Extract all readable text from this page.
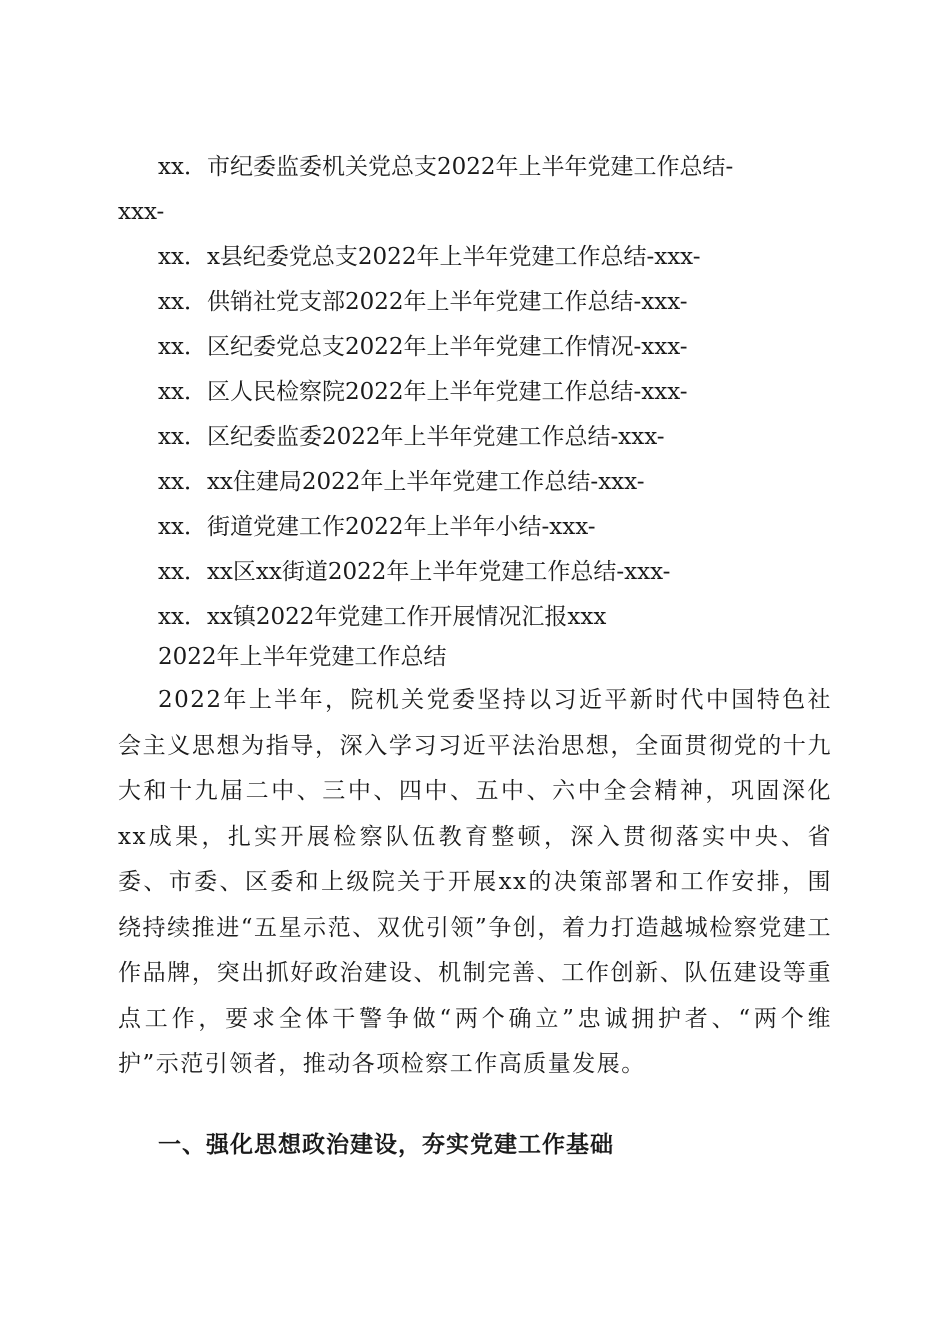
xx．市纪委监委机关党总支2022年上半年党建工作总结-
xxx-
xx．x县纪委党总支2022年上半年党建工作总结-xxx-
xx．供销社党支部2022年上半年党建工作总结-xxx-
xx．区纪委党总支2022年上半年党建工作情况-xxx-
xx．区人民检察院2022年上半年党建工作总结-xxx-
xx．区纪委监委2022年上半年党建工作总结-xxx-
xx．xx住建局2022年上半年党建工作总结-xxx-
xx．街道党建工作2022年上半年小结-xxx-
xx．xx区xx街道2022年上半年党建工作总结-xxx-
xx．xx镇2022年党建工作开展情况汇报xxx
2022年上半年党建工作总结
2022年上半年，院机关党委坚持以习近平新时代中国特色社会主义思想为指导，深入学习习近平法治思想，全面贯彻党的十九大和十九届二中、三中、四中、五中、六中全会精神，巩固深化xx成果，扎实开展检察队伍教育整顿，深入贯彻落实中央、省委、市委、区委和上级院关于开展xx的决策部署和工作安排，围绕持续推进“五星示范、双优引领”争创，着力打造越城检察党建工作品牌，突出抓好政治建设、机制完善、工作创新、队伍建设等重点工作，要求全体干警争做“两个确立”忠诚拥护者、“两个维护”示范引领者，推动各项检察工作高质量发展。
一、强化思想政治建设，夯实党建工作基础
